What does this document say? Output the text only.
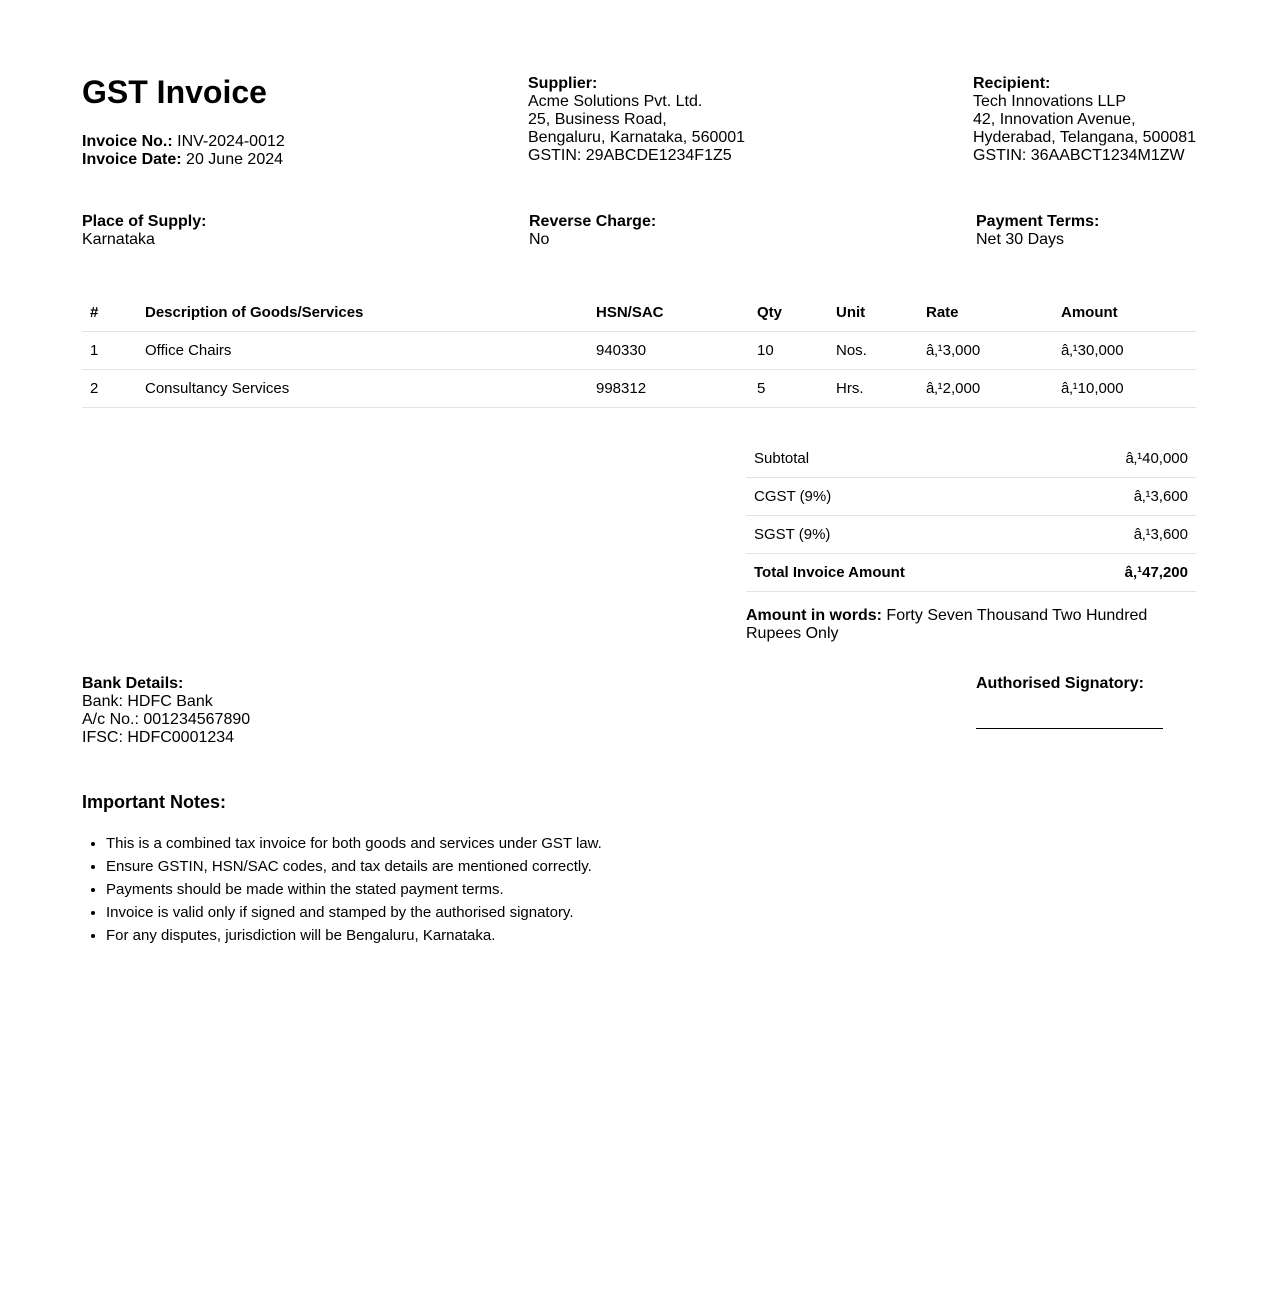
GST Invoice
Invoice No.: INV-2024-0012
Invoice Date: 20 June 2024
Supplier:
Acme Solutions Pvt. Ltd.
25, Business Road,
Bengaluru, Karnataka, 560001
GSTIN: 29ABCDE1234F1Z5
Recipient:
Tech Innovations LLP
42, Innovation Avenue,
Hyderabad, Telangana, 500081
GSTIN: 36AABCT1234M1ZW
Place of Supply:
Karnataka
Reverse Charge:
No
Payment Terms:
Net 30 Days
#	Description of Goods/Services	HSN/SAC	Qty	Unit	Rate	Amount
1	Office Chairs	940330	10	Nos.	â‚¹3,000	â‚¹30,000
2	Consultancy Services	998312	5	Hrs.	â‚¹2,000	â‚¹10,000
Subtotal	â‚¹40,000
CGST (9%)	â‚¹3,600
SGST (9%)	â‚¹3,600
Total Invoice Amount	â‚¹47,200
Amount in words: Forty Seven Thousand Two Hundred Rupees Only
Bank Details:
Bank: HDFC Bank
A/c No.: 001234567890
IFSC: HDFC0001234
Authorised Signatory:
Important Notes:
• This is a combined tax invoice for both goods and services under GST law.
• Ensure GSTIN, HSN/SAC codes, and tax details are mentioned correctly.
• Payments should be made within the stated payment terms.
• Invoice is valid only if signed and stamped by the authorised signatory.
• For any disputes, jurisdiction will be Bengaluru, Karnataka.
